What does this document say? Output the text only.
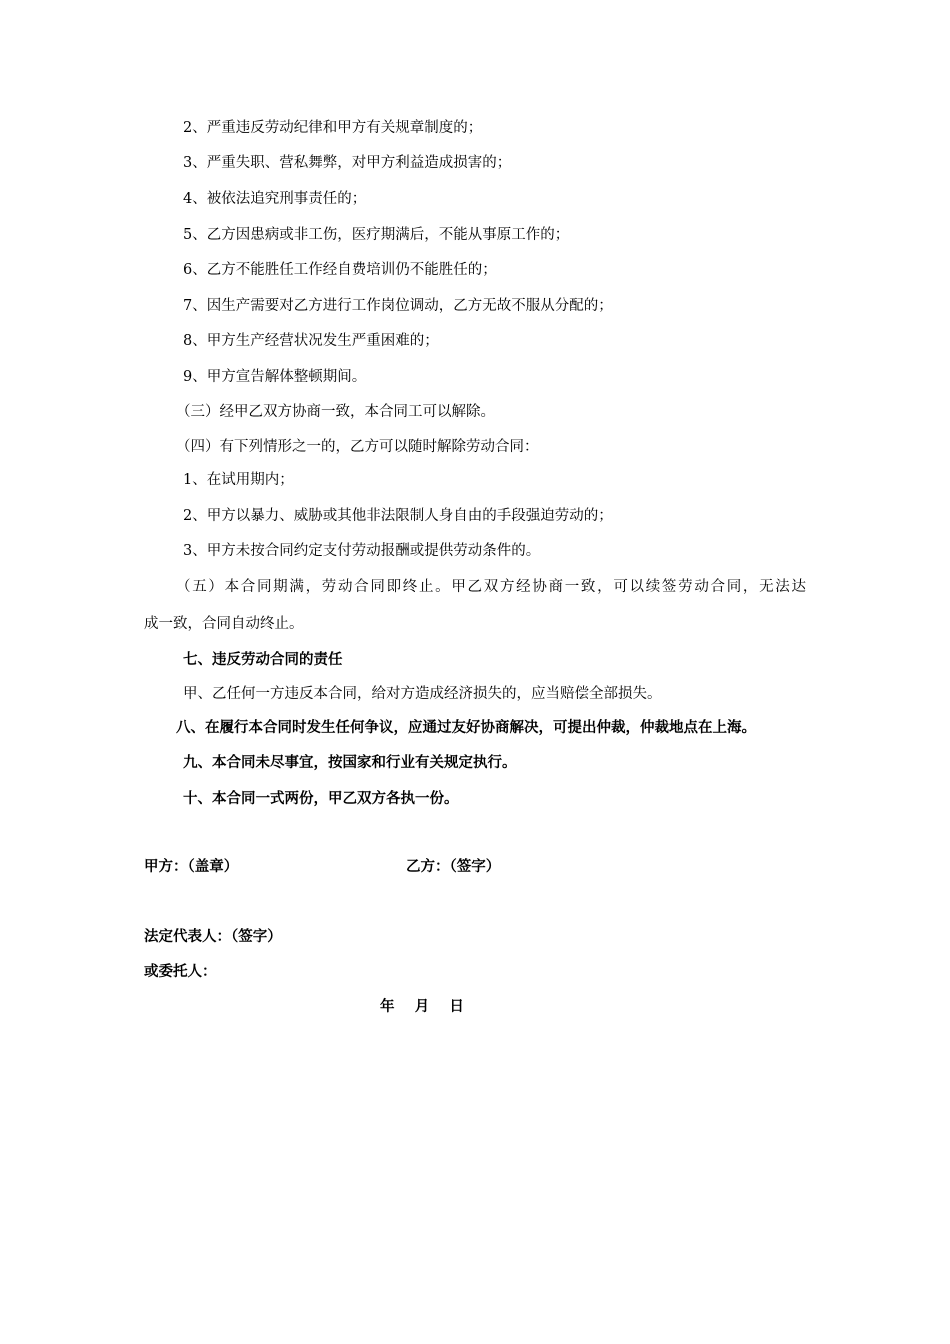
2、严重违反劳动纪律和甲方有关规章制度的；
3、严重失职、营私舞弊，对甲方利益造成损害的；
4、被依法追究刑事责任的；
5、乙方因患病或非工伤，医疗期满后，不能从事原工作的；
6、乙方不能胜任工作经自费培训仍不能胜任的；
7、因生产需要对乙方进行工作岗位调动，乙方无故不服从分配的；
8、甲方生产经营状况发生严重困难的；
9、甲方宣告解体整顿期间。
（三）经甲乙双方协商一致，本合同工可以解除。
（四）有下列情形之一的，乙方可以随时解除劳动合同：
1、在试用期内；
2、甲方以暴力、威胁或其他非法限制人身自由的手段强迫劳动的；
3、甲方未按合同约定支付劳动报酬或提供劳动条件的。
（五）本合同期满，劳动合同即终止。甲乙双方经协商一致，可以续签劳动合同，无法达
成一致，合同自动终止。
七、违反劳动合同的责任
甲、乙任何一方违反本合同，给对方造成经济损失的，应当赔偿全部损失。
八、在履行本合同时发生任何争议，应通过友好协商解决，可提出仲裁，仲裁地点在上海。
九、本合同未尽事宜，按国家和行业有关规定执行。
十、本合同一式两份，甲乙双方各执一份。
甲方：（盖章）	乙方：（签字）
法定代表人：（签字）
或委托人：
年    月    日
